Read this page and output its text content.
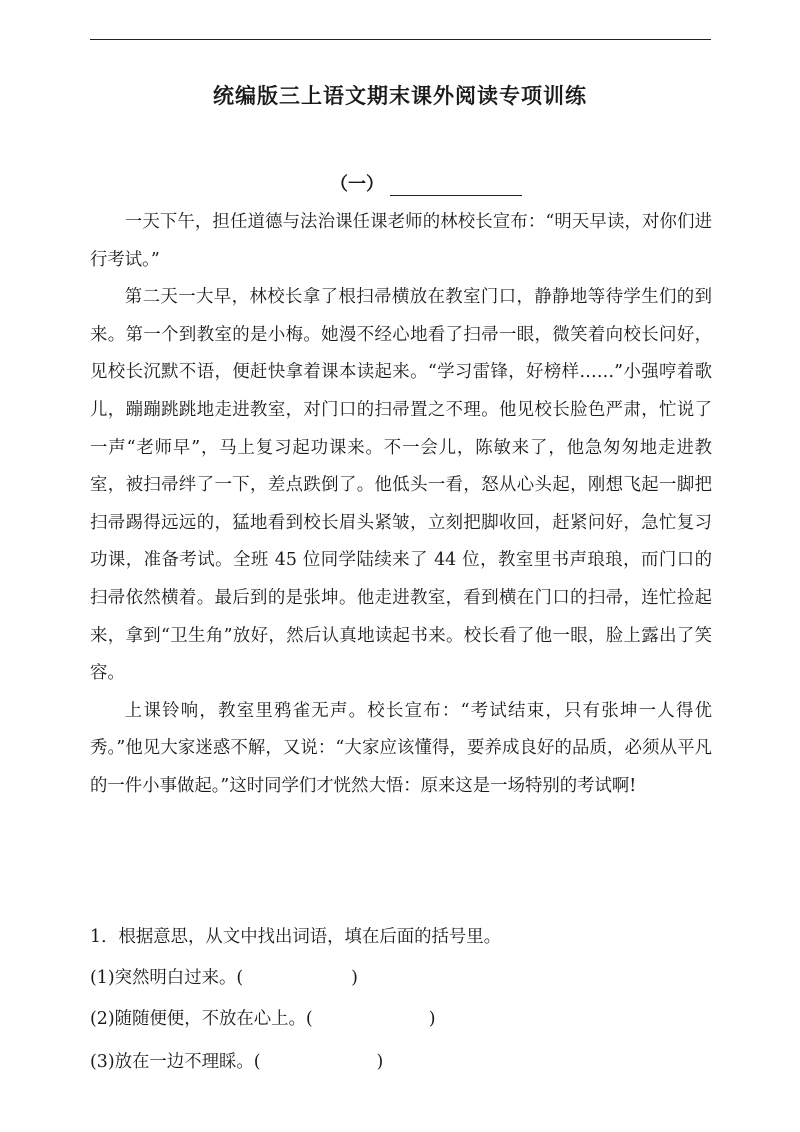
统编版三上语文期末课外阅读专项训练
（一）

一天下午，担任道德与法治课任课老师的林校长宣布：“明天早读，对你们进行考试。”

第二天一大早，林校长拿了根扫帚横放在教室门口，静静地等待学生们的到来。第一个到教室的是小梅。她漫不经心地看了扫帚一眼，微笑着向校长问好，见校长沉默不语，便赶快拿着课本读起来。“学习雷锋，好榜样……”小强哼着歌儿，蹦蹦跳跳地走进教室，对门口的扫帚置之不理。他见校长脸色严肃，忙说了一声“老师早”，马上复习起功课来。不一会儿，陈敏来了，他急匆匆地走进教室，被扫帚绊了一下，差点跌倒了。他低头一看，怒从心头起，刚想飞起一脚把扫帚踢得远远的，猛地看到校长眉头紧皱，立刻把脚收回，赶紧问好，急忙复习功课，准备考试。全班 45 位同学陆续来了 44 位，教室里书声琅琅，而门口的扫帚依然横着。最后到的是张坤。他走进教室，看到横在门口的扫帚，连忙捡起来，拿到“卫生角”放好，然后认真地读起书来。校长看了他一眼，脸上露出了笑容。

上课铃响，教室里鸦雀无声。校长宣布：“考试结束，只有张坤一人得优秀。”他见大家迷惑不解，又说：“大家应该懂得，要养成良好的品质，必须从平凡的一件小事做起。”这时同学们才恍然大悟：原来这是一场特别的考试啊!

1．根据意思，从文中找出词语，填在后面的括号里。
(1)突然明白过来。(	)
(2)随随便便，不放在心上。(	)
(3)放在一边不理睬。(	)
